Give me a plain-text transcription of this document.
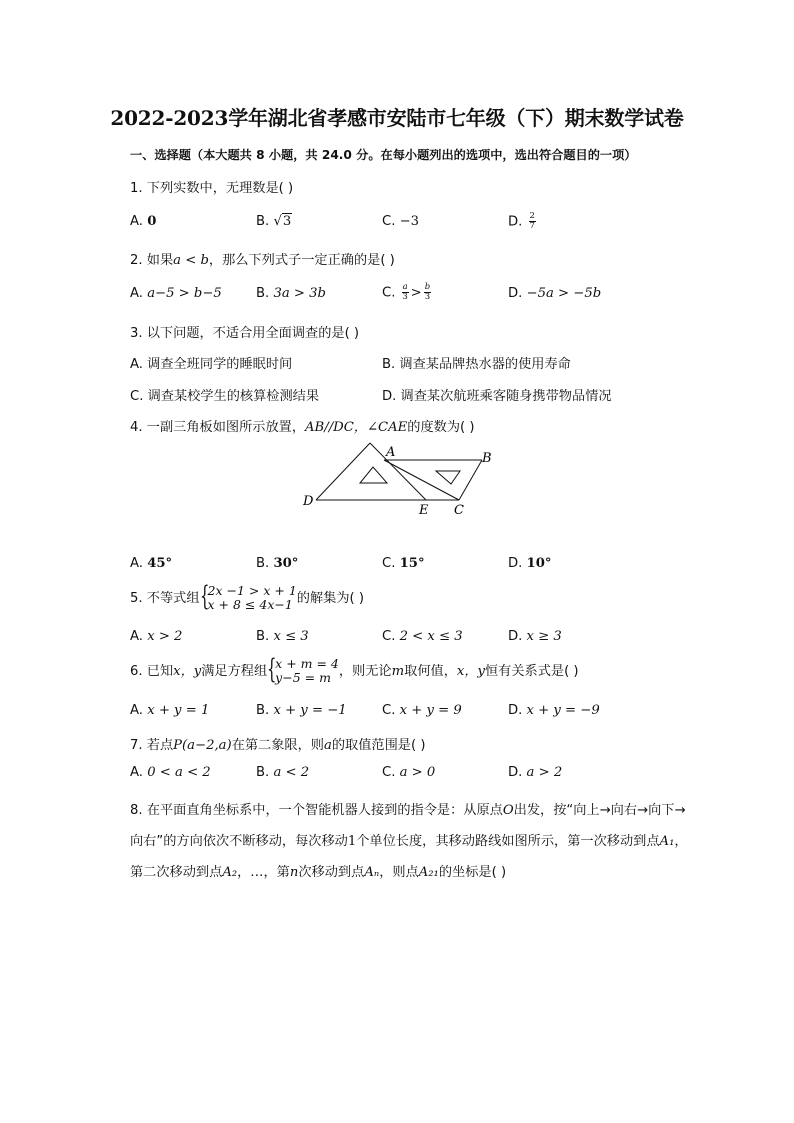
2022-2023学年湖北省孝感市安陆市七年级（下）期末数学试卷
一、选择题（本大题共 8 小题，共 24.0 分。在每小题列出的选项中，选出符合题目的一项）
1. 下列实数中，无理数是( )
A. 0	B. √3	C. −3	D. $\frac{2}{7}$
2. 如果a < b，那么下列式子一定正确的是( )
A. a−5 > b−5	B. 3a > 3b	C. $\frac{a}{3} > \frac{b}{3}$	D. −5a > −5b
3. 以下问题，不适合用全面调查的是( )
A. 调查全班同学的睡眠时间	B. 调查某品牌热水器的使用寿命
C. 调查某校学生的核算检测结果	D. 调查某次航班乘客随身携带物品情况
4. 一副三角板如图所示放置，AB//DC，∠CAE的度数为( )
A	B
C
D
E
A. 45°	B. 30°	C. 15°	D. 10°
5. 不等式组 {
2x −1 > x + 1
x + 8 ≤ 4x−1 的解集为( )
A. x > 2	B. x ≤ 3	C. 2 < x ≤ 3	D. x ≥ 3
6. 已知x，y满足方程组 {
x + m = 4
y−5 = m ，则无论m取何值，x，y恒有关系式是( )
A. x + y = 1	B. x + y = −1	C. x + y = 9	D. x + y = −9
7. 若点P(a−2,a)在第二象限，则a的取值范围是( )
A. 0 < a < 2	B. a < 2	C. a > 0	D. a > 2
8. 在平面直角坐标系中，一个智能机器人接到的指令是：从原点O出发，按“向上→向右→向下→向右”的方向依次不断移动，每次移动1个单位长度，其移动路线如图所示，第一次移动到点A₁，第二次移动到点A₂，…，第n次移动到点Aₙ，则点A₂₁的坐标是( )
